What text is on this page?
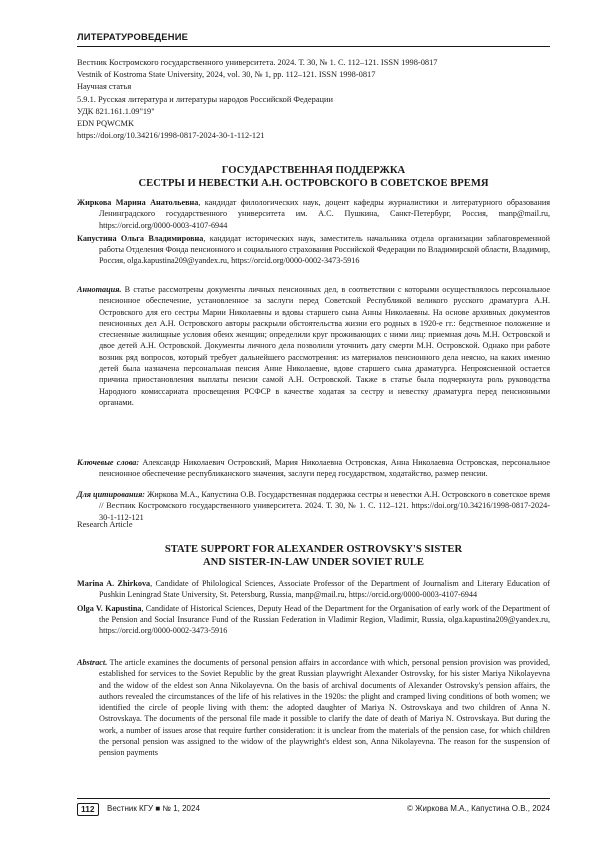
ЛИТЕРАТУРОВЕДЕНИЕ
Вестник Костромского государственного университета. 2024. Т. 30, № 1. С. 112–121. ISSN 1998-0817
Vestnik of Kostroma State University, 2024, vol. 30, № 1, pp. 112–121. ISSN 1998-0817
Научная статья
5.9.1. Русская литература и литературы народов Российской Федерации
УДК 821.161.1.09"19"
EDN PQWCMK
https://doi.org/10.34216/1998-0817-2024-30-1-112-121
ГОСУДАРСТВЕННАЯ ПОДДЕРЖКА
СЕСТРЫ И НЕВЕСТКИ А.Н. ОСТРОВСКОГО В СОВЕТСКОЕ ВРЕМЯ
Жиркова Марина Анатольевна, кандидат филологических наук, доцент кафедры журналистики и литературного образования Ленинградского государственного университета им. А.С. Пушкина, Санкт-Петербург, Россия, manp@mail.ru, https://orcid.org/0000-0003-4107-6944
Капустина Ольга Владимировна, кандидат исторических наук, заместитель начальника отдела организации заблаговременной работы Отделения Фонда пенсионного и социального страхования Российской Федерации по Владимирской области, Владимир, Россия, olga.kapustina209@yandex.ru, https://orcid.org/0000-0002-3473-5916
Аннотация. В статье рассмотрены документы личных пенсионных дел, в соответствии с которыми осуществлялось персональное пенсионное обеспечение, установленное за заслуги перед Советской Республикой великого русского драматурга А.Н. Островского для его сестры Марии Николаевны и вдовы старшего сына Анны Николаевны. На основе архивных документов пенсионных дел А.Н. Островского авторы раскрыли обстоятельства жизни его родных в 1920-е гг.: бедственное положение и стесненные жилищные условия обеих женщин; определили круг проживающих с ними лиц: приемная дочь М.Н. Островской и двое детей А.Н. Островской. Документы личного дела позволили уточнить дату смерти М.Н. Островской. Однако при работе возник ряд вопросов, который требует дальнейшего рассмотрения: из материалов пенсионного дела неясно, на каких именно детей была назначена персональная пенсия Анне Николаевне, вдове старшего сына драматурга. Непроясненной остается причина приостановления выплаты пенсии самой А.Н. Островской. Также в статье была подчеркнута роль руководства Народного комиссариата просвещения РСФСР в качестве ходатая за сестру и невестку драматурга перед пенсионными органами.
Ключевые слова: Александр Николаевич Островский, Мария Николаевна Островская, Анна Николаевна Островская, персональное пенсионное обеспечение республиканского значения, заслуги перед государством, ходатайство, размер пенсии.
Для цитирования: Жиркова М.А., Капустина О.В. Государственная поддержка сестры и невестки А.Н. Островского в советское время // Вестник Костромского государственного университета. 2024. Т. 30, № 1. С. 112–121. https://doi.org/10.34216/1998-0817-2024-30-1-112-121
Research Article
STATE SUPPORT FOR ALEXANDER OSTROVSKY'S SISTER
AND SISTER-IN-LAW UNDER SOVIET RULE
Marina A. Zhirkova, Candidate of Philological Sciences, Associate Professor of the Department of Journalism and Literary Education of Pushkin Leningrad State University, St. Petersburg, Russia, manp@mail.ru, https://orcid.org/0000-0003-4107-6944
Olga V. Kapustina, Candidate of Historical Sciences, Deputy Head of the Department for the Organisation of early work of the Department of the Pension and Social Insurance Fund of the Russian Federation in Vladimir Region, Vladimir, Russia, olga.kapustina209@yandex.ru, https://orcid.org/0000-0002-3473-5916
Abstract. The article examines the documents of personal pension affairs in accordance with which, personal pension provision was provided, established for services to the Soviet Republic by the great Russian playwright Alexander Ostrovsky, for his sister Mariya Nikolayevna and the widow of the eldest son Anna Nikolayevna. On the basis of archival documents of Alexander Ostrovsky's pension affairs, the authors revealed the circumstances of the life of his relatives in the 1920s: the plight and cramped living conditions of both women; we identified the circle of people living with them: the adopted daughter of Mariya N. Ostrovskaya and two children of Anna N. Ostrovskaya. The documents of the personal file made it possible to clarify the date of death of Mariya N. Ostrovskaya. But during the work, a number of issues arose that require further consideration: it is unclear from the materials of the pension case, for which children the personal pension was assigned to the widow of the playwright's eldest son, Anna Nikolayevna. The reason for the suspension of pension payments
112	Вестник КГУ ■ № 1, 2024	© Жиркова М.А., Капустина О.В., 2024
